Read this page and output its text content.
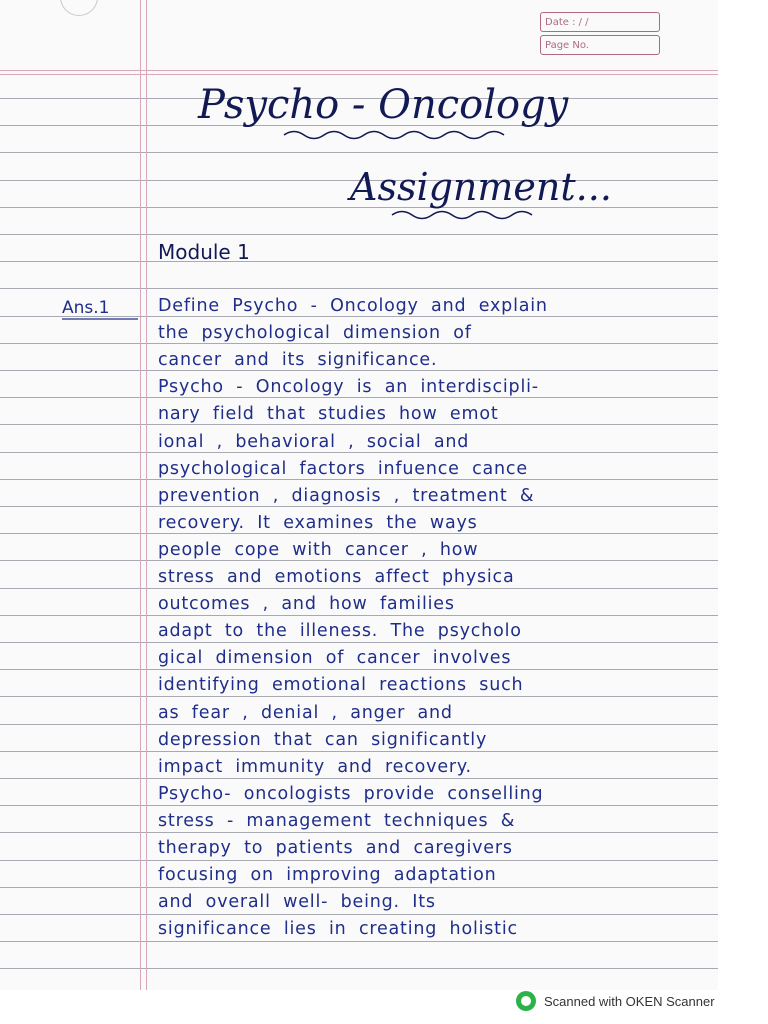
Date : / /
Page No.
Psycho - Oncology
Assignment...
Module 1
Ans.1	Define Psycho - Oncology and explain
the psychological dimension of
cancer and its significance.
Psycho - Oncology is an interdiscipli-
nary field that studies how emot
ional , behavioral , social and
psychological factors infuence cance
prevention , diagnosis , treatment &
recovery. It examines the ways
people cope with cancer , how
stress and emotions affect physica
outcomes , and how families
adapt to the illeness. The psycholo
gical dimension of cancer involves
identifying emotional reactions such
as fear , denial , anger and
depression that can significantly
impact immunity and recovery.
Psycho- oncologists provide conselling
stress - management techniques &
therapy to patients and caregivers
focusing on improving adaptation
and overall well- being. Its
significance lies in creating holistic
Scanned with OKEN Scanner
